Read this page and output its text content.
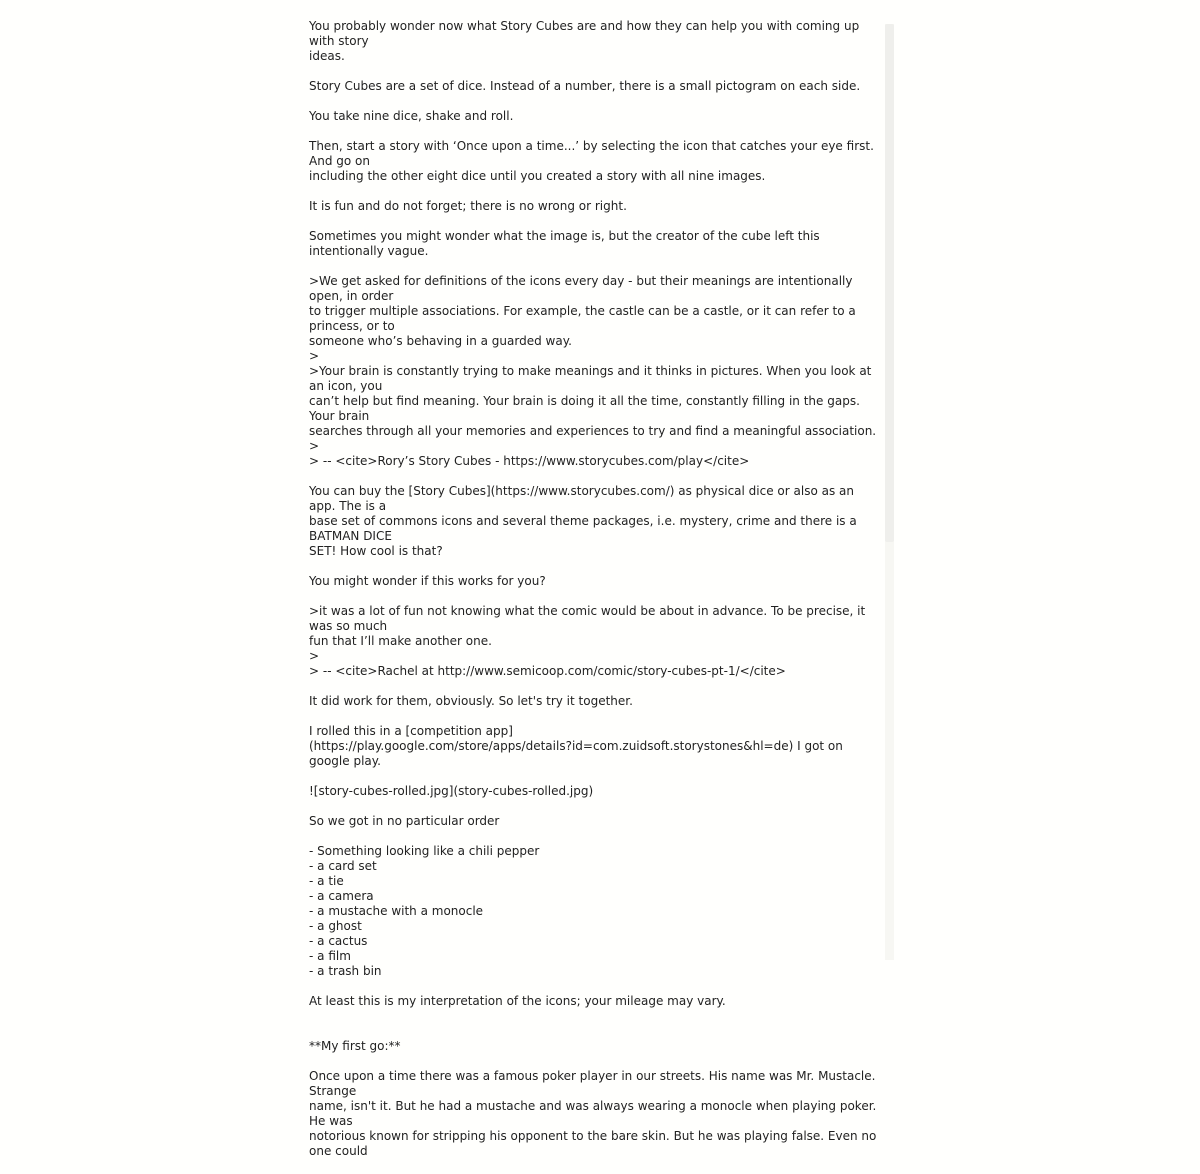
You probably wonder now what Story Cubes are and how they can help you with coming up with story
ideas.
Story Cubes are a set of dice. Instead of a number, there is a small pictogram on each side.
You take nine dice, shake and roll.
Then, start a story with ‘Once upon a time...’ by selecting the icon that catches your eye first. And go on
including the other eight dice until you created a story with all nine images.
It is fun and do not forget; there is no wrong or right.
Sometimes you might wonder what the image is, but the creator of the cube left this intentionally vague.
>We get asked for definitions of the icons every day - but their meanings are intentionally open, in order
to trigger multiple associations. For example, the castle can be a castle, or it can refer to a princess, or to
someone who’s behaving in a guarded way.
>
>Your brain is constantly trying to make meanings and it thinks in pictures. When you look at an icon, you
can’t help but find meaning. Your brain is doing it all the time, constantly filling in the gaps. Your brain
searches through all your memories and experiences to try and find a meaningful association.
>
> -- <cite>Rory’s Story Cubes - https://www.storycubes.com/play</cite>
You can buy the [Story Cubes](https://www.storycubes.com/) as physical dice or also as an app. The is a
base set of commons icons and several theme packages, i.e. mystery, crime and there is a BATMAN DICE
SET! How cool is that?
You might wonder if this works for you?
>it was a lot of fun not knowing what the comic would be about in advance. To be precise, it was so much
fun that I’ll make another one.
>
> -- <cite>Rachel at http://www.semicoop.com/comic/story-cubes-pt-1/</cite>
It did work for them, obviously. So let's try it together.
I rolled this in a [competition app]
(https://play.google.com/store/apps/details?id=com.zuidsoft.storystones&hl=de) I got on google play.
![story-cubes-rolled.jpg](story-cubes-rolled.jpg)
So we got in no particular order
- Something looking like a chili pepper
- a card set
- a tie
- a camera
- a mustache with a monocle
- a ghost
- a cactus
- a film
- a trash bin
At least this is my interpretation of the icons; your mileage may vary.
**My first go:**
Once upon a time there was a famous poker player in our streets. His name was Mr. Mustacle. Strange
name, isn't it. But he had a mustache and was always wearing a monocle when playing poker. He was
notorious known for stripping his opponent to the bare skin. But he was playing false. Even no one could
